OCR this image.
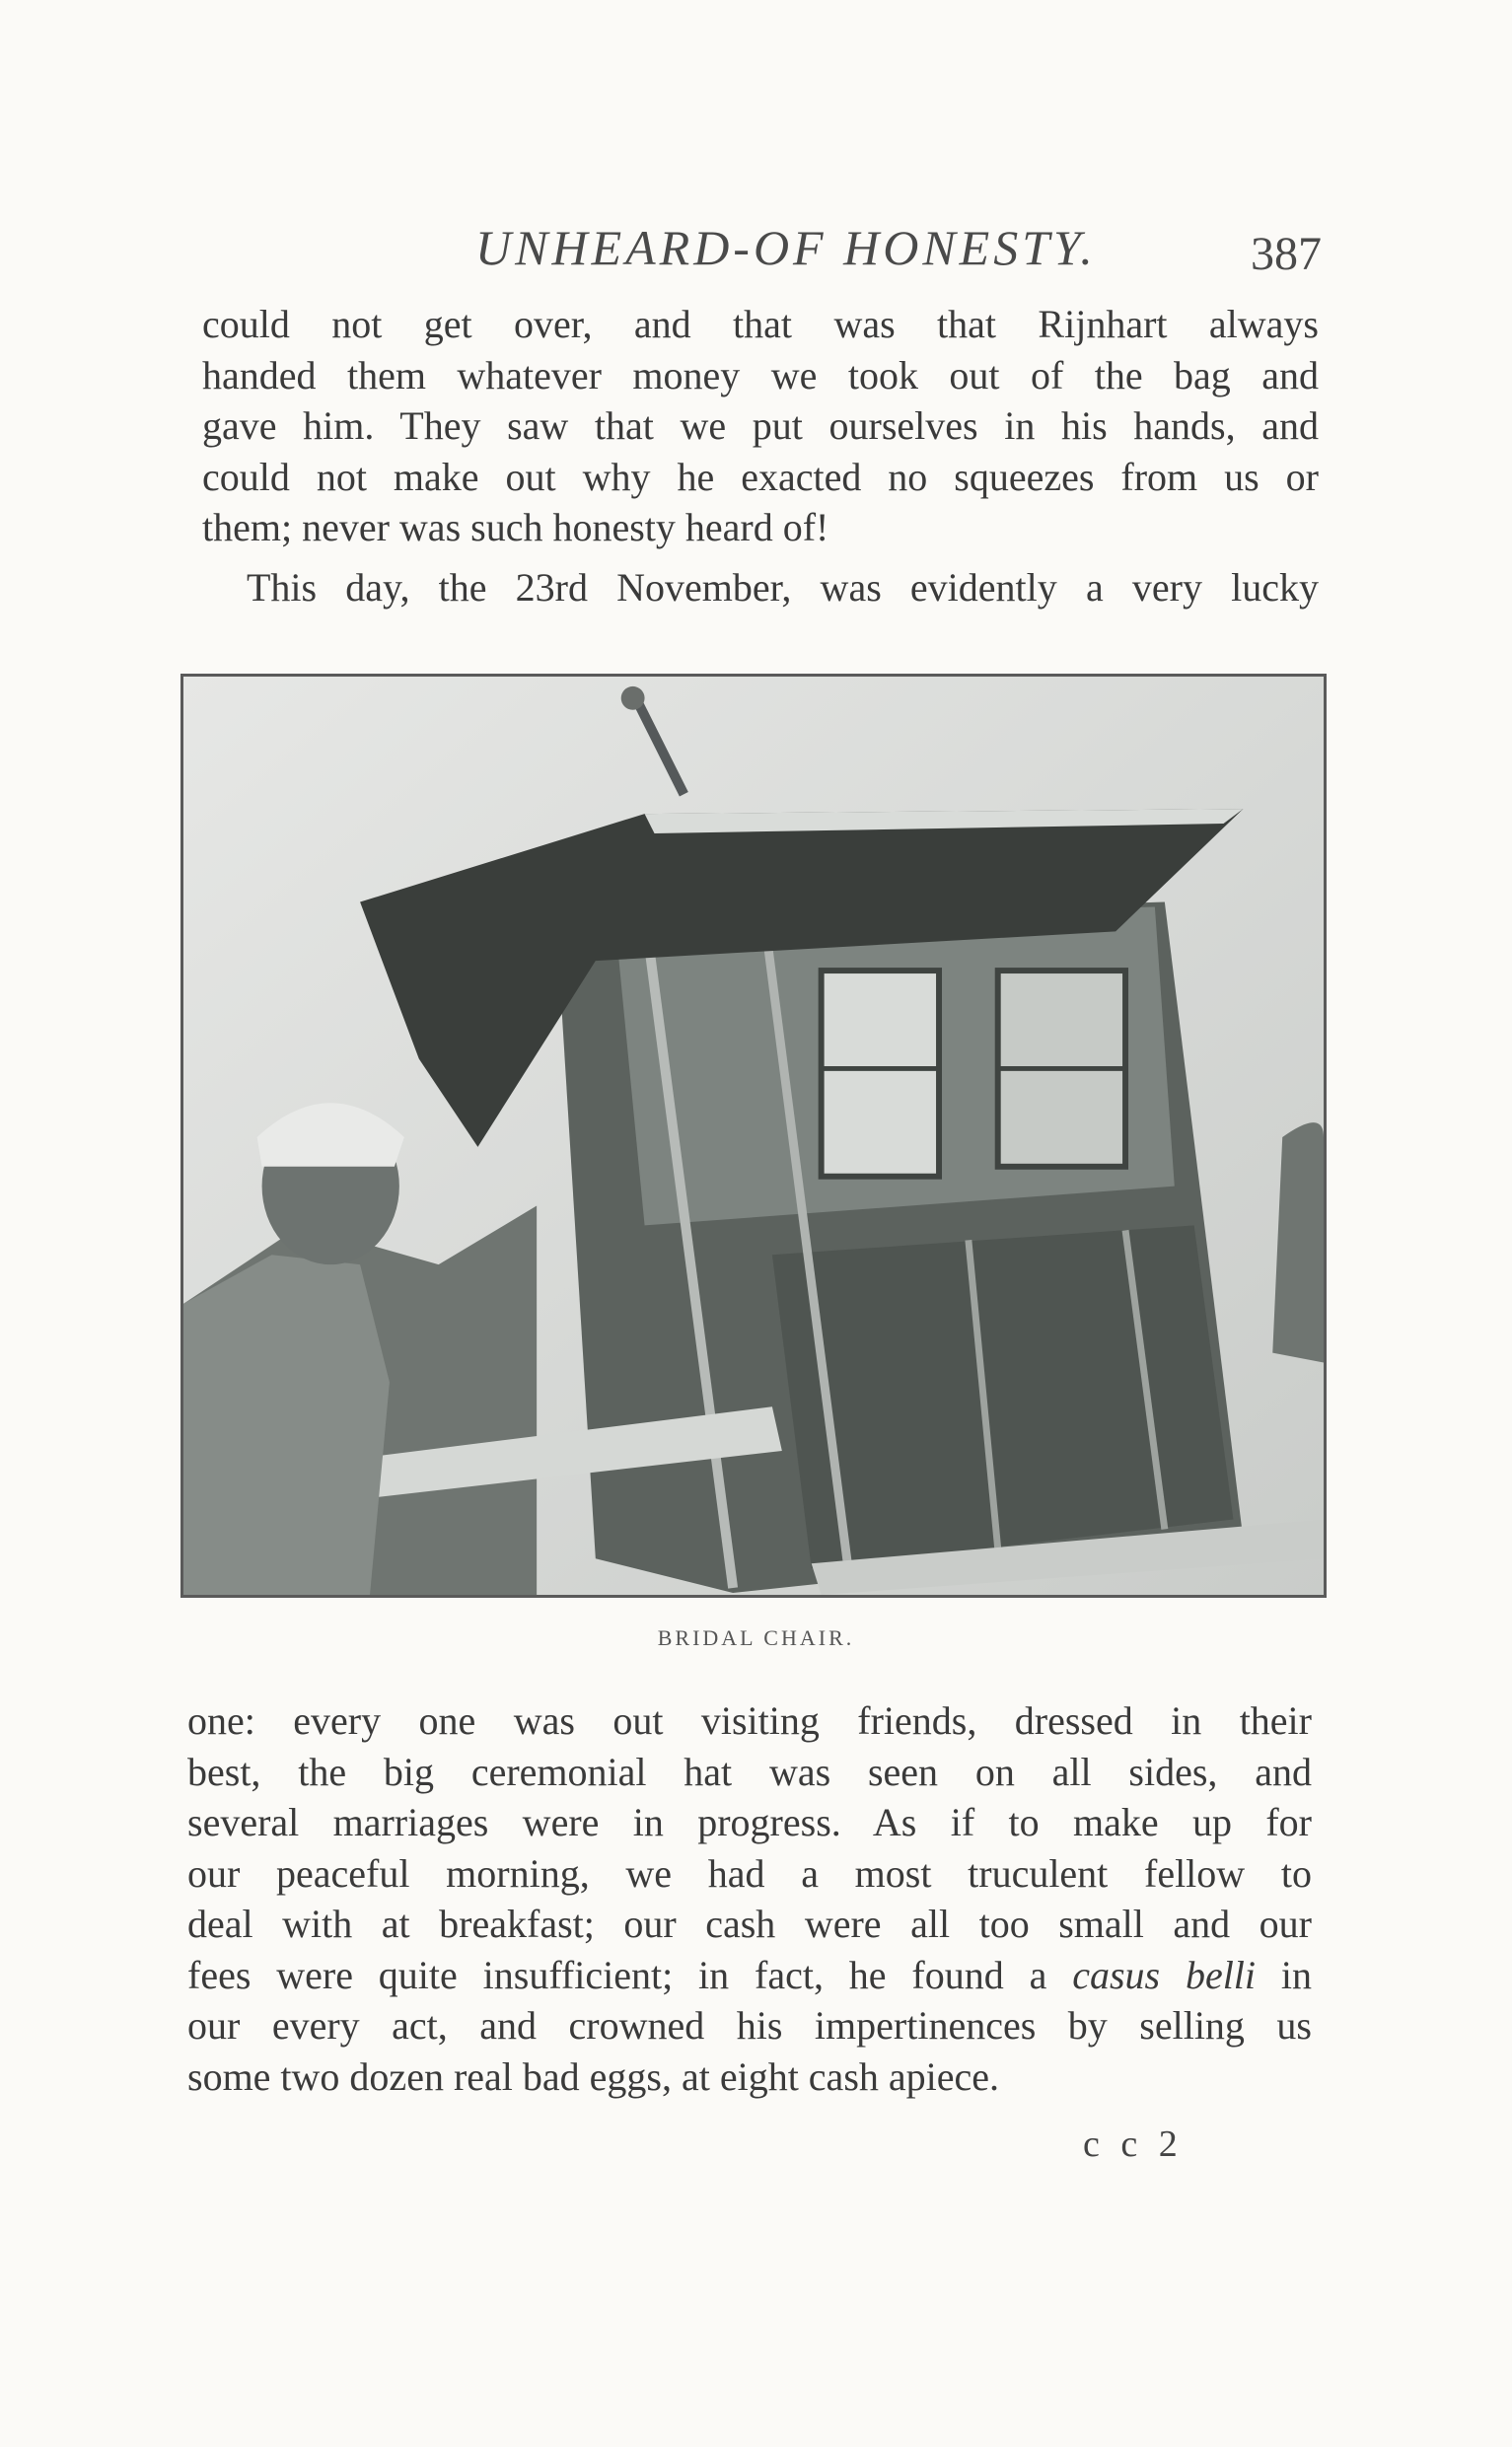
UNHEARD-OF HONESTY.	387
could not get over, and that was that Rijnhart always
handed them whatever money we took out of the bag and
gave him. They saw that we put ourselves in his hands, and
could not make out why he exacted no squeezes from us or
them; never was such honesty heard of!
This day, the 23rd November, was evidently a very lucky
BRIDAL CHAIR.
one: every one was out visiting friends, dressed in their
best, the big ceremonial hat was seen on all sides, and
several marriages were in progress. As if to make up for
our peaceful morning, we had a most truculent fellow to
deal with at breakfast; our cash were all too small and our
fees were quite insufficient; in fact, he found a casus belli in
our every act, and crowned his impertinences by selling us
some two dozen real bad eggs, at eight cash apiece.
c c 2
